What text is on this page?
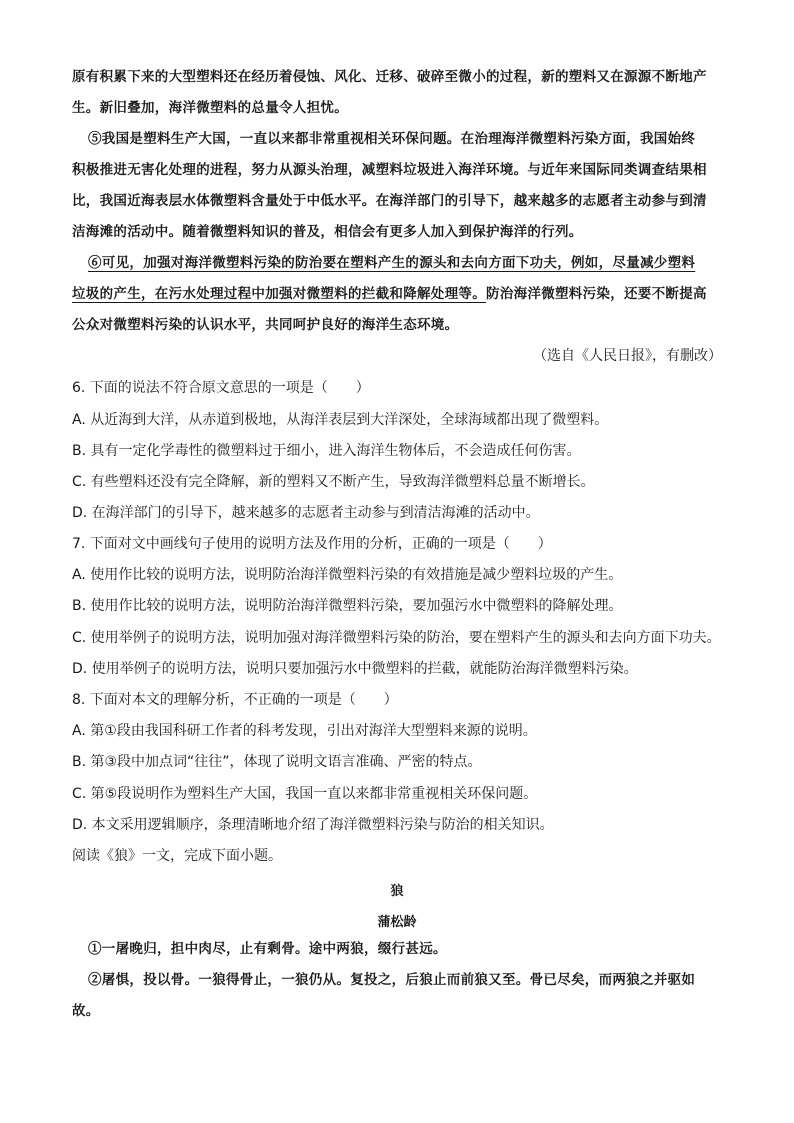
原有积累下来的大型塑料还在经历着侵蚀、风化、迁移、破碎至微小的过程，新的塑料又在源源不断地产
生。新旧叠加，海洋微塑料的总量令人担忧。
⑤我国是塑料生产大国，一直以来都非常重视相关环保问题。在治理海洋微塑料污染方面，我国始终
积极推进无害化处理的进程，努力从源头治理，减塑料垃圾进入海洋环境。与近年来国际同类调查结果相
比，我国近海表层水体微塑料含量处于中低水平。在海洋部门的引导下，越来越多的志愿者主动参与到清
洁海滩的活动中。随着微塑料知识的普及，相信会有更多人加入到保护海洋的行列。
⑥可见，加强对海洋微塑料污染的防治要在塑料产生的源头和去向方面下功夫，例如，尽量减少塑料
垃圾的产生，在污水处理过程中加强对微塑料的拦截和降解处理等。防治海洋微塑料污染，还要不断提高
公众对微塑料污染的认识水平，共同呵护良好的海洋生态环境。
（选自《人民日报》，有删改）
6. 下面的说法不符合原文意思的一项是（　　）
A. 从近海到大洋，从赤道到极地，从海洋表层到大洋深处，全球海域都出现了微塑料。
B. 具有一定化学毒性的微塑料过于细小，进入海洋生物体后，不会造成任何伤害。
C. 有些塑料还没有完全降解，新的塑料又不断产生，导致海洋微塑料总量不断增长。
D. 在海洋部门的引导下，越来越多的志愿者主动参与到清洁海滩的活动中。
7. 下面对文中画线句子使用的说明方法及作用的分析，正确的一项是（　　）
A. 使用作比较的说明方法，说明防治海洋微塑料污染的有效措施是减少塑料垃圾的产生。
B. 使用作比较的说明方法，说明防治海洋微塑料污染，要加强污水中微塑料的降解处理。
C. 使用举例子的说明方法，说明加强对海洋微塑料污染的防治，要在塑料产生的源头和去向方面下功夫。
D. 使用举例子的说明方法，说明只要加强污水中微塑料的拦截，就能防治海洋微塑料污染。
8. 下面对本文的理解分析，不正确的一项是（　　）
A. 第①段由我国科研工作者的科考发现，引出对海洋大型塑料来源的说明。
B. 第③段中加点词“往往”，体现了说明文语言准确、严密的特点。
C. 第⑤段说明作为塑料生产大国，我国一直以来都非常重视相关环保问题。
D. 本文采用逻辑顺序，条理清晰地介绍了海洋微塑料污染与防治的相关知识。
阅读《狼》一文，完成下面小题。
狼
蒲松龄
①一屠晚归，担中肉尽，止有剩骨。途中两狼，缀行甚远。
②屠惧，投以骨。一狼得骨止，一狼仍从。复投之，后狼止而前狼又至。骨已尽矣，而两狼之并驱如
故。
